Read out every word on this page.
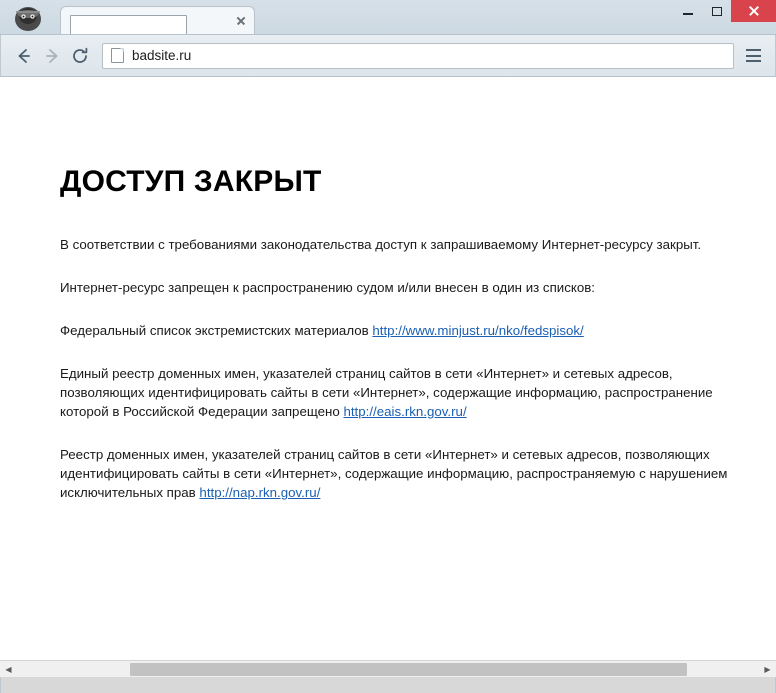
badsite.ru
ДОСТУП ЗАКРЫТ

В соответствии с требованиями законодательства доступ к запрашиваемому Интернет-ресурсу закрыт.

Интернет-ресурс запрещен к распространению судом и/или внесен в один из списков:

Федеральный список экстремистских материалов http://www.minjust.ru/nko/fedspisok/

Единый реестр доменных имен, указателей страниц сайтов в сети «Интернет» и сетевых адресов, позволяющих идентифицировать сайты в сети «Интернет», содержащие информацию, распространение которой в Российской Федерации запрещено http://eais.rkn.gov.ru/

Реестр доменных имен, указателей страниц сайтов в сети «Интернет» и сетевых адресов, позволяющих идентифицировать сайты в сети «Интернет», содержащие информацию, распространяемую с нарушением исключительных прав http://nap.rkn.gov.ru/

◀	▶
